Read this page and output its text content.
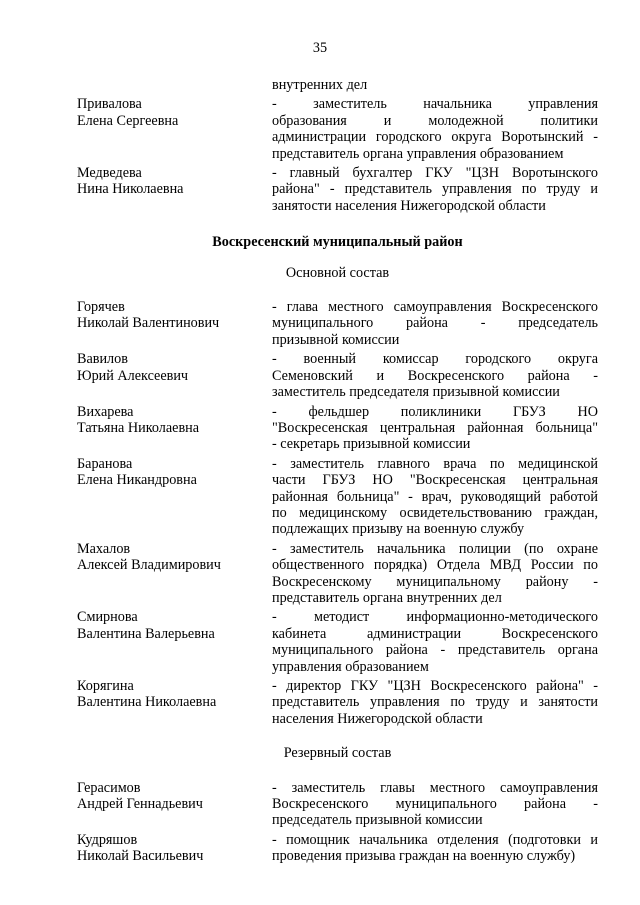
35
внутренних дел
Привалова
Елена Сергеевна
- заместитель начальника управления
образования и молодежной политики
администрации городского округа Воротынский -
представитель органа управления образованием
Медведева
Нина Николаевна
- главный бухгалтер ГКУ "ЦЗН Воротынского
района" - представитель управления по труду и
занятости населения Нижегородской области
Воскресенский муниципальный район
Основной состав
Горячев
Николай Валентинович
- глава местного самоуправления Воскресенского
муниципального района - председатель
призывной комиссии
Вавилов
Юрий Алексеевич
- военный комиссар городского округа
Семеновский и Воскресенского района -
заместитель председателя призывной комиссии
Вихарева
Татьяна Николаевна
- фельдшер поликлиники ГБУЗ НО
"Воскресенская центральная районная больница"
- секретарь призывной комиссии
Баранова
Елена Никандровна
- заместитель главного врача по медицинской
части ГБУЗ НО "Воскресенская центральная
районная больница" - врач, руководящий работой
по медицинскому освидетельствованию граждан,
подлежащих призыву на военную службу
Махалов
Алексей Владимирович
- заместитель начальника полиции (по охране
общественного порядка) Отдела МВД России по
Воскресенскому муниципальному району -
представитель органа внутренних дел
Смирнова
Валентина Валерьевна
- методист информационно-методического
кабинета администрации Воскресенского
муниципального района - представитель органа
управления образованием
Корягина
Валентина Николаевна
- директор ГКУ "ЦЗН Воскресенского района" -
представитель управления по труду и занятости
населения Нижегородской области
Резервный состав
Герасимов
Андрей Геннадьевич
- заместитель главы местного самоуправления
Воскресенского муниципального района -
председатель призывной комиссии
Кудряшов
Николай Васильевич
- помощник начальника отделения (подготовки и
проведения призыва граждан на военную службу)
